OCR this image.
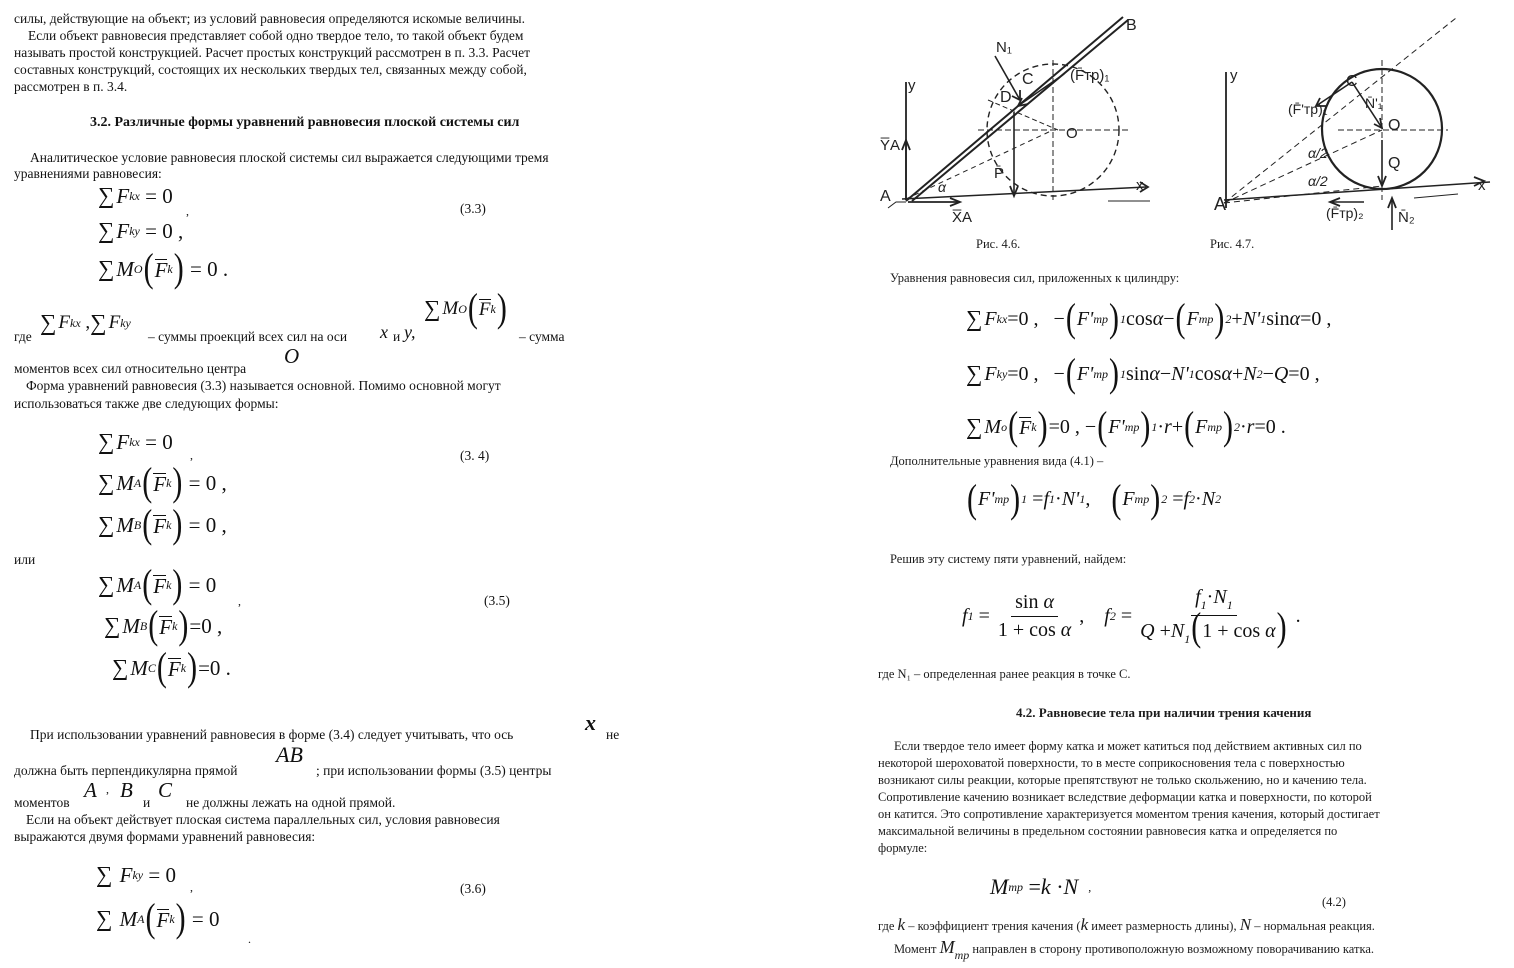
силы, действующие на объект; из условий равновесия определяются искомые величины.
Если объект равновесия представляет собой одно твердое тело, то такой объект будем
называть простой конструкцией. Расчет простых конструкций рассмотрен в п. 3.3. Расчет
составных конструкций, состоящих их нескольких твердых тел, связанных между собой,
рассмотрен в п. 3.4.
3.2. Различные формы уравнений равновесия плоской системы сил
Аналитическое условие равновесия плоской системы сил выражается следующими тремя
уравнениями равновесия:
∑ F kx = 0
,
∑ F ky = 0 ,
∑ M O ( F k ) = 0 .
(3.3)
где
∑ F kx , ∑ F ky
– суммы проекций всех сил на оси x и y,
∑ M O ( F k )
– сумма
моментов всех сил относительно центра
O
Форма уравнений равновесия (3.3) называется основной. Помимо основной могут
использоваться также две следующих формы:
∑ F kx = 0
,
∑ M A ( F k ) = 0 ,
∑ M B ( F k ) = 0 ,
(3. 4)
или
∑ M A ( F k ) = 0
,
∑ M B ( F k ) =0 ,
∑ M C ( F k ) =0 .
(3.5)
При использовании уравнений равновесия в форме (3.4) следует учитывать, что ось	x не
должна быть перпендикулярна прямой
AB
; при использовании формы (3.5) центры
моментов
A , B
и
C
не должны лежать на одной прямой.
Если на объект действует плоская система параллельных сил, условия равновесия
выражаются двумя формами уравнений равновесия:
∑
F ky = 0
,
∑
M A ( F k ) = 0
.
(3.6)
B
N₁
C (F̄тр)₁
D
O
y
Y̅A
P̄
A
α	x
X̅A
y	C
(F̄'тр)₁	N̄'₁
O
α/2
α/2
Q
A
x
(F̄тр)₂ N̄₂
Рис. 4.6.	Рис. 4.7.
Уравнения равновесия сил, приложенных к цилиндру:
∑ F kx =0 ,   − ( F' mp ) 1 cos α − ( F mp ) 2 + N' 1 sin α =0 ,
∑ F ky =0 ,   − ( F' mp ) 1 sin α − N' 1 cos α + N 2 − Q =0 ,
∑ M o ( F k ) =0 , − ( F' mp ) 1 · r + ( F mp ) 2 · r =0 .
Дополнительные уравнения вида (4.1) –
( F' mp ) 1 = f 1 · N' 1 , ( F mp ) 2 = f 2 · N 2
Решив эту систему пяти уравнений, найдем:
f $1 = \frac{\text{sin α}}{\text{1 + cos α}}$ , f $2 = \frac{f_1\cdot N_1}{Q +N_1(1 + \cos \alpha)}$ .
где N₁ – определенная ранее реакция в точке C.
4.2. Равновесие тела при наличии трения качения
Если твердое тело имеет форму катка и может катиться под действием активных сил по
некоторой шероховатой поверхности, то в месте соприкосновения тела с поверхностью
возникают силы реакции, которые препятствуют не только скольжению, но и качению тела.
Сопротивление качению возникает вследствие деформации катка и поверхности, по которой
он катится. Это сопротивление характеризуется моментом трения качения, который достигает
максимальной величины в предельном состоянии равновесия катка и определяется по
формуле:
M mp = k · N ,
(4.2)
где k – коэффициент трения качения (k имеет размерность длины), N – нормальная реакция.
Момент Mmp направлен в сторону противоположную возможному поворачиванию катка.
